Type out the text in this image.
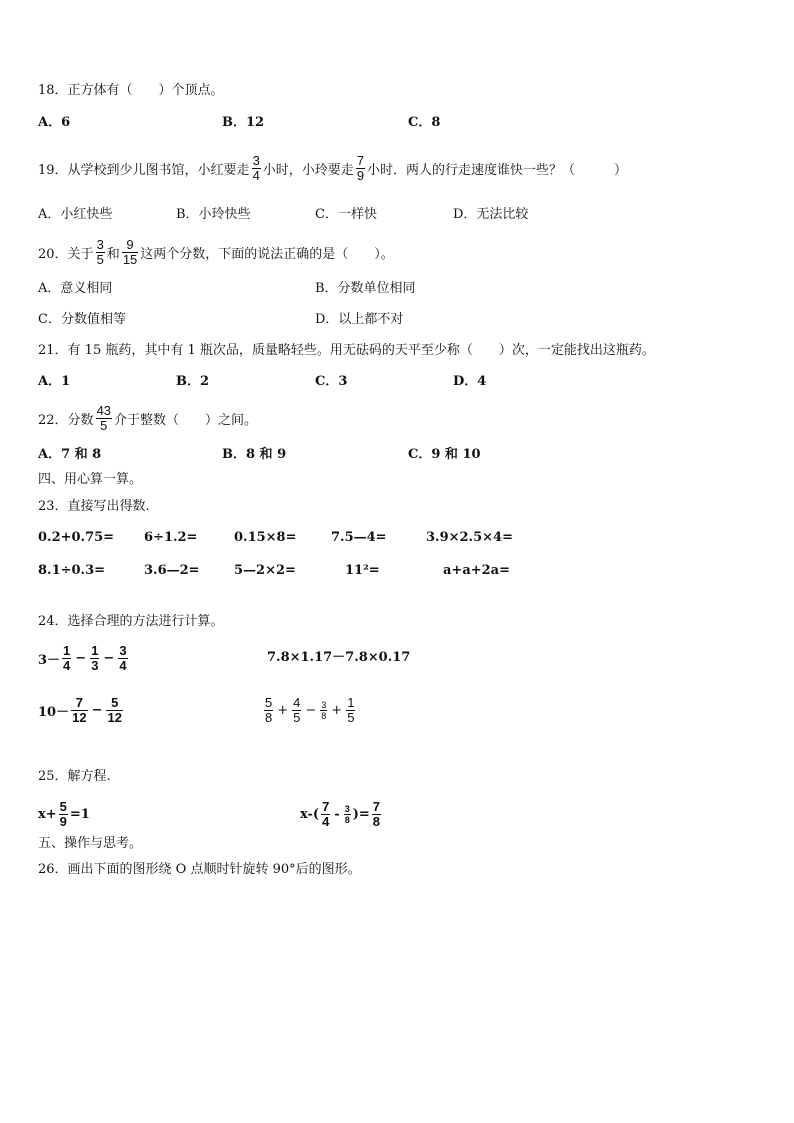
18．正方体有（　　）个顶点。
A．6	B．12	C．8
19． 从学校到少儿图书馆，小红要走 $\frac{3}{4}$ 小时，小玲要走 $\frac{7}{9}$ 小时．两人的行走速度谁快一些？（　　　）
A．小红快些	B．小玲快些	C．一样快	D．无法比较
20． 关于 $\frac{3}{5}$ 和 $\frac{9}{15}$ 这两个分数，下面的说法正确的是（　　）。
A．意义相同	B．分数单位相同
C．分数值相等	D．以上都不对
21．有 15 瓶药，其中有 1 瓶次品，质量略轻些。用无砝码的天平至少称（　　）次，一定能找出这瓶药。
A．1	B．2	C．3	D．4
22． 分数 $\frac{43}{5}$ 介于整数（　　）之间。
A．7 和 8	B．8 和 9	C．9 和 10
四、用心算一算。
23．直接写出得数.
0.2+0.75= 6÷1.2=	0.15×8=	7.5—4=	3.9×2.5×4=
8.1÷0.3=	3.6—2=	5—2×2=	11²=	a+a+2a=
24．选择合理的方法进行计算。
$3- \frac{1}{4} - \frac{1}{3} - \frac{3}{4}$	7.8×1.17－7.8×0.17
$10- \frac{7}{12} - \frac{5}{12}$	$\frac{5}{8} + \frac{4}{5} - \frac{3}{8} + \frac{1}{5}$
25．解方程.
$x+ \frac{5}{9} =1$	$x-( \frac{7}{4} - \frac{3}{8}$ )= $\frac{7}{8}$
五、操作与思考。
26．画出下面的图形绕 O 点顺时针旋转 90°后的图形。
